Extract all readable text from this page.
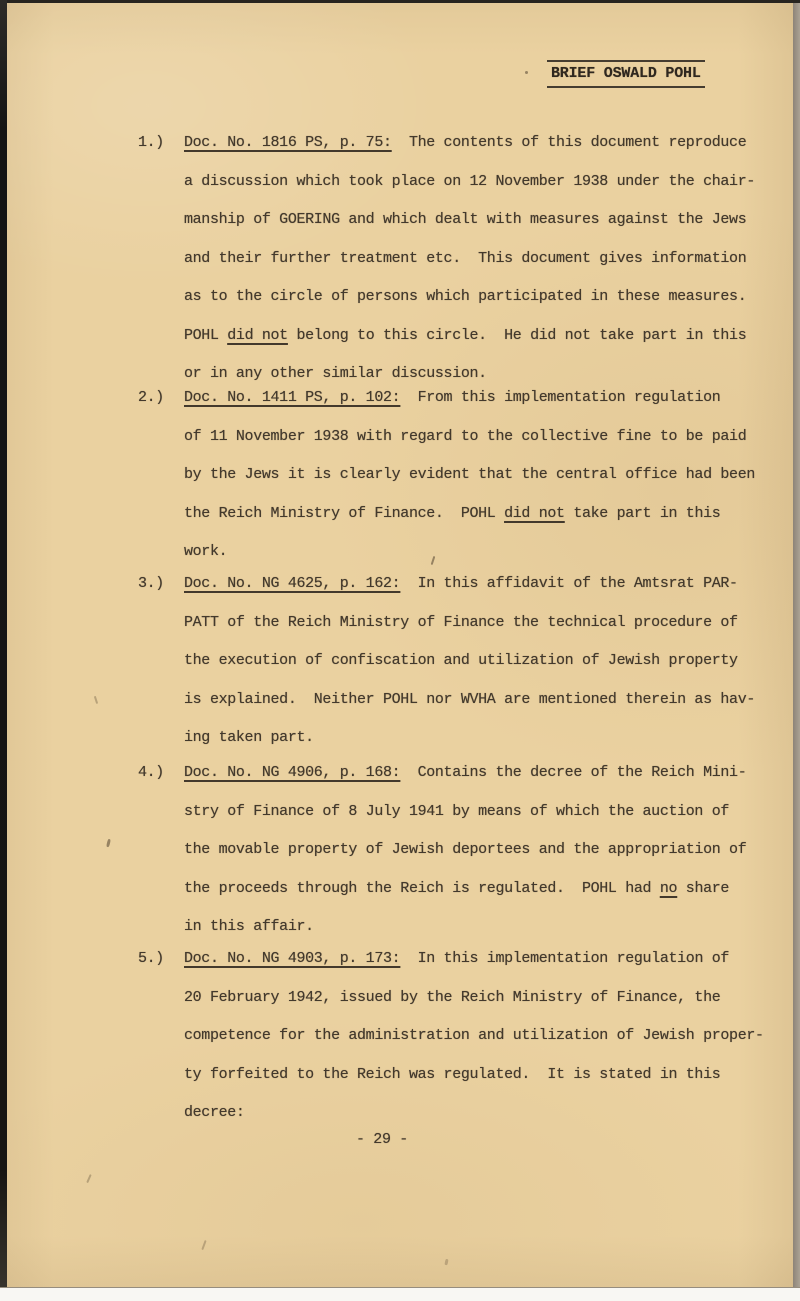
BRIEF OSWALD POHL
1.) Doc. No. 1816 PS, p. 75:  The contents of this document reproduce
a discussion which took place on 12 November 1938 under the chair-
manship of GOERING and which dealt with measures against the Jews
and their further treatment etc.  This document gives information
as to the circle of persons which participated in these measures.
POHL did not belong to this circle.  He did not take part in this
or in any other similar discussion.
2.) Doc. No. 1411 PS, p. 102:  From this implementation regulation
of 11 November 1938 with regard to the collective fine to be paid
by the Jews it is clearly evident that the central office had been
the Reich Ministry of Finance.  POHL did not take part in this
work.
3.) Doc. No. NG 4625, p. 162:  In this affidavit of the Amtsrat PAR-
PATT of the Reich Ministry of Finance the technical procedure of
the execution of confiscation and utilization of Jewish property
is explained.  Neither POHL nor WVHA are mentioned therein as hav-
ing taken part.
4.) Doc. No. NG 4906, p. 168:  Contains the decree of the Reich Mini-
stry of Finance of 8 July 1941 by means of which the auction of
the movable property of Jewish deportees and the appropriation of
the proceeds through the Reich is regulated.  POHL had no share
in this affair.
5.) Doc. No. NG 4903, p. 173:  In this implementation regulation of
20 February 1942, issued by the Reich Ministry of Finance, the
competence for the administration and utilization of Jewish proper-
ty forfeited to the Reich was regulated.  It is stated in this
decree:
- 29 -
